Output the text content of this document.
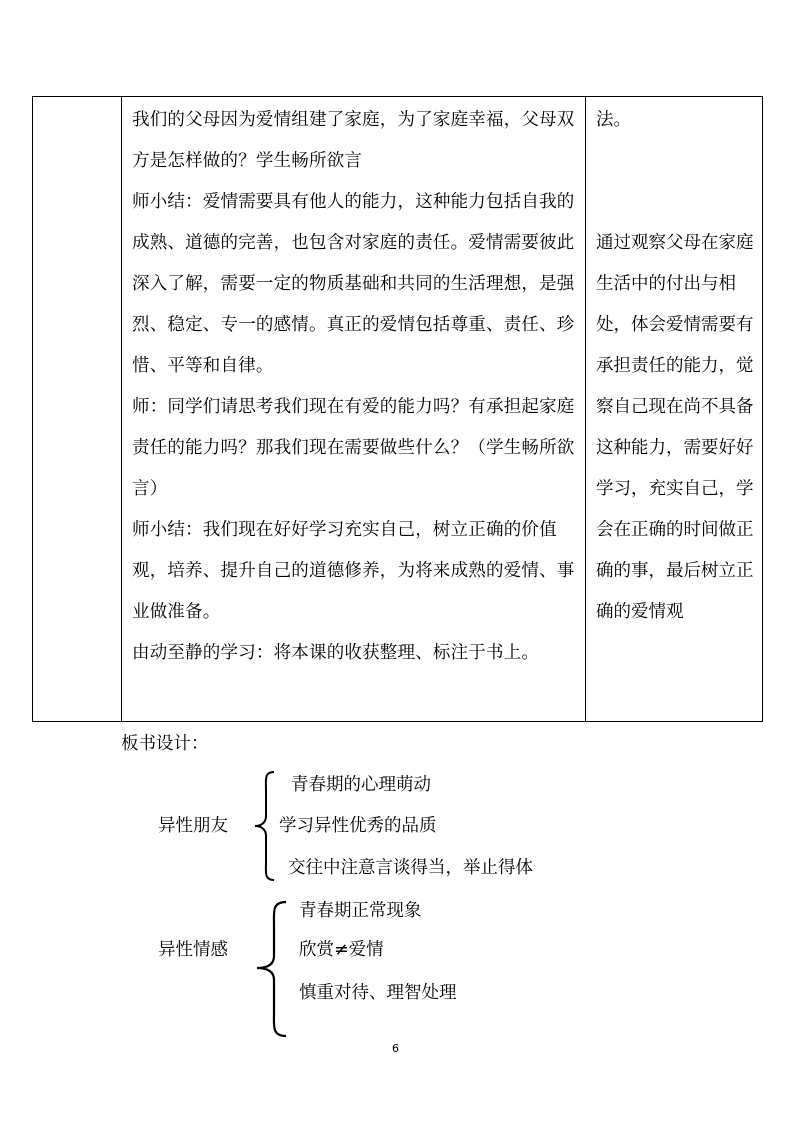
我们的父母因为爱情组建了家庭，为了家庭幸福，父母双方是怎样做的？学生畅所欲言
师小结：爱情需要具有他人的能力，这种能力包括自我的成熟、道德的完善，也包含对家庭的责任。爱情需要彼此深入了解，需要一定的物质基础和共同的生活理想，是强烈、稳定、专一的感情。真正的爱情包括尊重、责任、珍惜、平等和自律。
师：同学们请思考我们现在有爱的能力吗？有承担起家庭责任的能力吗？那我们现在需要做些什么？（学生畅所欲言）
师小结：我们现在好好学习充实自己，树立正确的价值观，培养、提升自己的道德修养，为将来成熟的爱情、事业做准备。
由动至静的学习：将本课的收获整理、标注于书上。

法。
通过观察父母在家庭生活中的付出与相处，体会爱情需要有承担责任的能力，觉察自己现在尚不具备这种能力，需要好好学习，充实自己，学会在正确的时间做正确的事，最后树立正确的爱情观
板书设计：
异性朋友
青春期的心理萌动
学习异性优秀的品质
交往中注意言谈得当，举止得体
异性情感
青春期正常现象
欣赏≠爱情
慎重对待、理智处理
6
